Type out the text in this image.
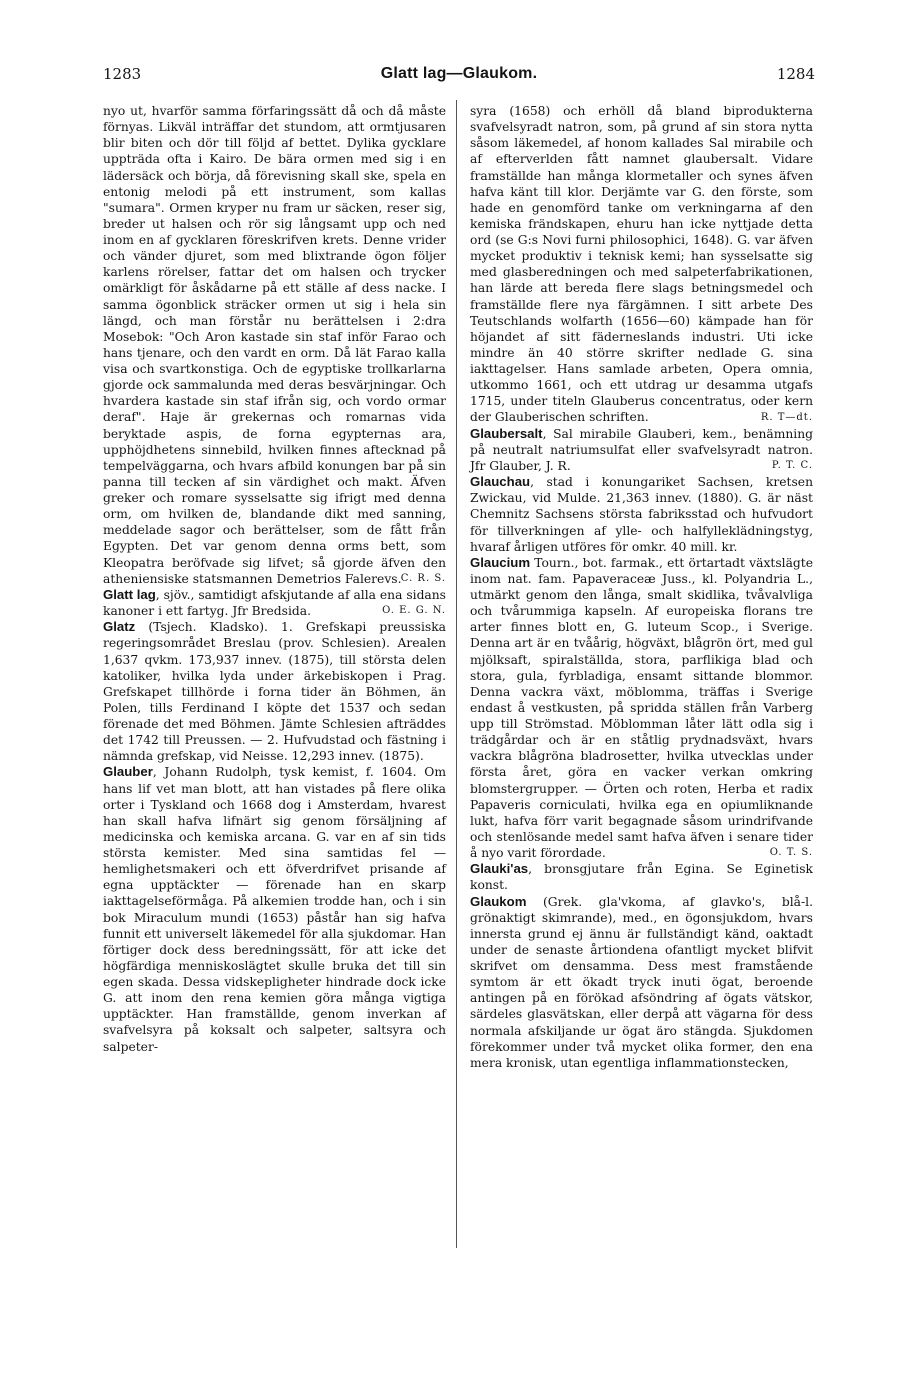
1283	Glatt lag—Glaukom.	1284

nyo ut, hvarför samma förfaringssätt då och då måste förnyas. Likväl inträffar det stundom, att ormtjusaren blir biten och dör till följd af bettet. Dylika gycklare uppträda ofta i Kairo. De bära ormen med sig i en lädersäck och börja, då förevisning skall ske, spela en entonig melodi på ett instrument, som kallas "sumara". Ormen kryper nu fram ur säcken, reser sig, breder ut halsen och rör sig långsamt upp och ned inom en af gycklaren föreskrifven krets. Denne vrider och vänder djuret, som med blixtrande ögon följer karlens rörelser, fattar det om halsen och trycker omärkligt för åskådarne på ett ställe af dess nacke. I samma ögonblick sträcker ormen ut sig i hela sin längd, och man förstår nu berättelsen i 2:dra Mosebok: "Och Aron kastade sin staf inför Farao och hans tjenare, och den vardt en orm. Då lät Farao kalla visa och svartkonstiga. Och de egyptiske trollkarlarna gjorde ock sammalunda med deras besvärjningar. Och hvardera kastade sin staf ifrån sig, och vordo ormar deraf". Haje är grekernas och romarnas vida beryktade aspis, de forna egypternas ara, upphöjdhetens sinnebild, hvilken finnes aftecknad på tempelväggarna, och hvars afbild konungen bar på sin panna till tecken af sin värdighet och makt. Äfven greker och romare sysselsatte sig ifrigt med denna orm, om hvilken de, blandande dikt med sanning, meddelade sagor och berättelser, som de fått från Egypten. Det var genom denna orms bett, som Kleopatra beröfvade sig lifvet; så gjorde äfven den atheniensiske statsmannen Demetrios Falerevs. C. R. S.

Glatt lag, sjöv., samtidigt afskjutande af alla ena sidans kanoner i ett fartyg. Jfr Bredsida.	O. E. G. N.

Glatz (Tsjech. Kladsko). 1. Grefskapi preussiska regeringsområdet Breslau (prov. Schlesien). Arealen 1,637 qvkm. 173,937 innev. (1875), till största delen katoliker, hvilka lyda under ärkebiskopen i Prag. Grefskapet tillhörde i forna tider än Böhmen, än Polen, tills Ferdinand I köpte det 1537 och sedan förenade det med Böhmen. Jämte Schlesien afträddes det 1742 till Preussen. — 2. Hufvudstad och fästning i nämnda grefskap, vid Neisse. 12,293 innev. (1875).

Glauber, Johann Rudolph, tysk kemist, f. 1604. Om hans lif vet man blott, att han vistades på flere olika orter i Tyskland och 1668 dog i Amsterdam, hvarest han skall hafva lifnärt sig genom försäljning af medicinska och kemiska arcana. G. var en af sin tids största kemister. Med sina samtidas fel — hemlighetsmakeri och ett öfverdrifvet prisande af egna upptäckter — förenade han en skarp iakttagelseförmåga. På alkemien trodde han, och i sin bok Miraculum mundi (1653) påstår han sig hafva funnit ett universelt läkemedel för alla sjukdomar. Han förtiger dock dess beredningssätt, för att icke det högfärdiga menniskoslägtet skulle bruka det till sin egen skada. Dessa vidskepligheter hindrade dock icke G. att inom den rena kemien göra många vigtiga upptäckter. Han framställde, genom inverkan af svafvelsyra på koksalt och salpeter, saltsyra och salpeter-

syra (1658) och erhöll då bland biprodukterna svafvelsyradt natron, som, på grund af sin stora nytta såsom läkemedel, af honom kallades Sal mirabile och af efterverlden fått namnet glaubersalt. Vidare framställde han många klormetaller och synes äfven hafva känt till klor. Derjämte var G. den förste, som hade en genomförd tanke om verkningarna af den kemiska frändskapen, ehuru han icke nyttjade detta ord (se G:s Novi furni philosophici, 1648). G. var äfven mycket produktiv i teknisk kemi; han sysselsatte sig med glasberedningen och med salpeterfabrikationen, han lärde att bereda flere slags betningsmedel och framställde flere nya färgämnen. I sitt arbete Des Teutschlands wolfarth (1656—60) kämpade han för höjandet af sitt fäderneslands industri. Uti icke mindre än 40 större skrifter nedlade G. sina iakttagelser. Hans samlade arbeten, Opera omnia, utkommo 1661, och ett utdrag ur desamma utgafs 1715, under titeln Glauberus concentratus, oder kern der Glauberischen schriften.	R. T—dt.

Glaubersalt, Sal mirabile Glauberi, kem., benämning på neutralt natriumsulfat eller svafvelsyradt natron. Jfr Glauber, J. R.	P. T. C.

Glauchau, stad i konungariket Sachsen, kretsen Zwickau, vid Mulde. 21,363 innev. (1880). G. är näst Chemnitz Sachsens största fabriksstad och hufvudort för tillverkningen af ylle- och halfylleklädningstyg, hvaraf årligen utföres för omkr. 40 mill. kr.

Glaucium Tourn., bot. farmak., ett örtartadt växtslägte inom nat. fam. Papaveraceæ Juss., kl. Polyandria L., utmärkt genom den långa, smalt skidlika, tvåvalvliga och tvårummiga kapseln. Af europeiska florans tre arter finnes blott en, G. luteum Scop., i Sverige. Denna art är en tvåårig, högväxt, blågrön ört, med gul mjölksaft, spiralställda, stora, parflikiga blad och stora, gula, fyrbladiga, ensamt sittande blommor. Denna vackra växt, möblomma, träffas i Sverige endast å vestkusten, på spridda ställen från Varberg upp till Strömstad. Möblomman låter lätt odla sig i trädgårdar och är en ståtlig prydnadsväxt, hvars vackra blågröna bladrosetter, hvilka utvecklas under första året, göra en vacker verkan omkring blomstergrupper. — Örten och roten, Herba et radix Papaveris corniculati, hvilka ega en opiumliknande lukt, hafva förr varit begagnade såsom urindrifvande och stenlösande medel samt hafva äfven i senare tider å nyo varit förordade.	O. T. S.

Glauki'as, bronsgjutare från Egina. Se Eginetisk konst.

Glaukom (Grek. gla'vkoma, af glavko's, blå-l. grönaktigt skimrande), med., en ögonsjukdom, hvars innersta grund ej ännu är fullständigt känd, oaktadt under de senaste årtiondena ofantligt mycket blifvit skrifvet om densamma. Dess mest framstående symtom är ett ökadt tryck inuti ögat, beroende antingen på en förökad afsöndring af ögats vätskor, särdeles glasvätskan, eller derpå att vägarna för dess normala afskiljande ur ögat äro stängda. Sjukdomen förekommer under två mycket olika former, den ena mera kronisk, utan egentliga inflammationstecken,
